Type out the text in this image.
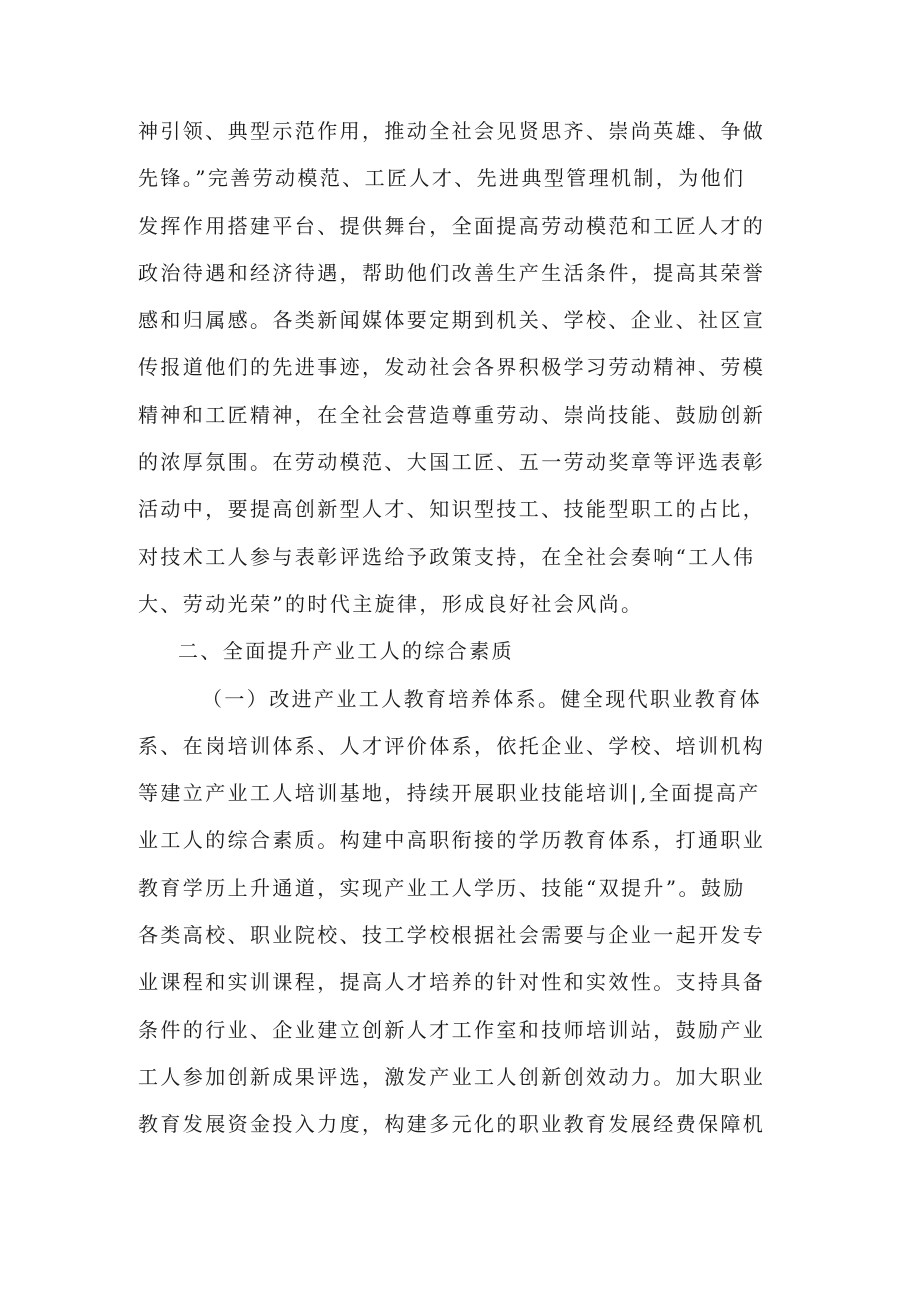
神引领、典型示范作用，推动全社会见贤思齐、崇尚英雄、争做
先锋。”完善劳动模范、工匠人才、先进典型管理机制，为他们
发挥作用搭建平台、提供舞台，全面提高劳动模范和工匠人才的
政治待遇和经济待遇，帮助他们改善生产生活条件，提高其荣誉
感和归属感。各类新闻媒体要定期到机关、学校、企业、社区宣
传报道他们的先进事迹，发动社会各界积极学习劳动精神、劳模
精神和工匠精神，在全社会营造尊重劳动、崇尚技能、鼓励创新
的浓厚氛围。在劳动模范、大国工匠、五一劳动奖章等评选表彰
活动中，要提高创新型人才、知识型技工、技能型职工的占比，
对技术工人参与表彰评选给予政策支持，在全社会奏响“工人伟
大、劳动光荣”的时代主旋律，形成良好社会风尚。
二、全面提升产业工人的综合素质
（一）改进产业工人教育培养体系。健全现代职业教育体
系、在岗培训体系、人才评价体系，依托企业、学校、培训机构
等建立产业工人培训基地，持续开展职业技能培训|,全面提高产
业工人的综合素质。构建中高职衔接的学历教育体系，打通职业
教育学历上升通道，实现产业工人学历、技能“双提升”。鼓励
各类高校、职业院校、技工学校根据社会需要与企业一起开发专
业课程和实训课程，提高人才培养的针对性和实效性。支持具备
条件的行业、企业建立创新人才工作室和技师培训站，鼓励产业
工人参加创新成果评选，激发产业工人创新创效动力。加大职业
教育发展资金投入力度，构建多元化的职业教育发展经费保障机
